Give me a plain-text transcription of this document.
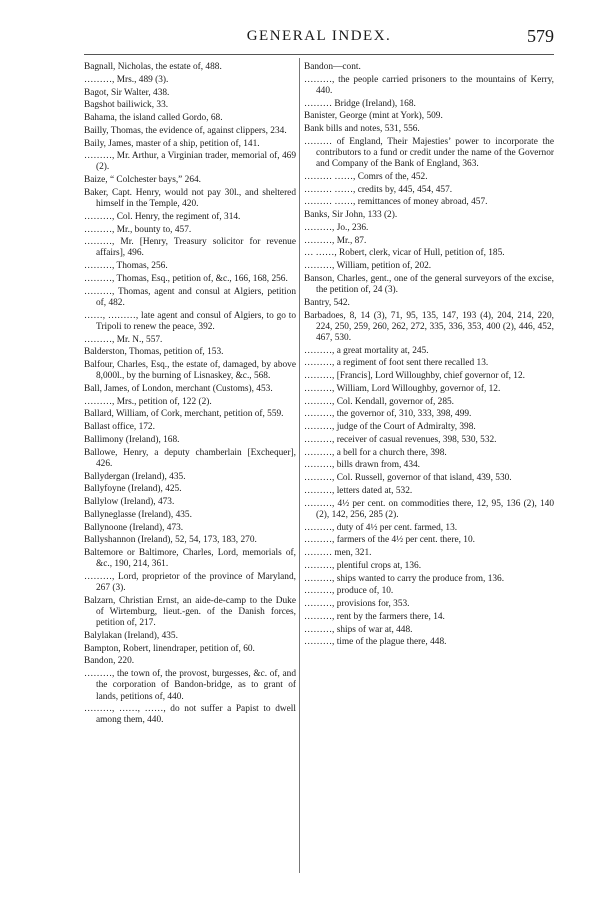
GENERAL INDEX.	579

Bagnall, Nicholas, the estate of, 488.

………, Mrs., 489 (3).

Bagot, Sir Walter, 438.

Bagshot bailiwick, 33.

Bahama, the island called Gordo, 68.

Bailly, Thomas, the evidence of, against clippers, 234.

Baily, James, master of a ship, petition of, 141.

………, Mr. Arthur, a Virginian trader, memorial of, 469 (2).

Baize, “ Colchester bays,” 264.

Baker, Capt. Henry, would not pay 30l., and sheltered himself in the Temple, 420.

………, Col. Henry, the regiment of, 314.

………, Mr., bounty to, 457.

………, Mr. [Henry, Treasury solicitor for revenue affairs], 496.

………, Thomas, 256.

………, Thomas, Esq., petition of, &c., 166, 168, 256.

………, Thomas, agent and consul at Algiers, petition of, 482.

……, ………, late agent and consul of Algiers, to go to Tripoli to renew the peace, 392.

………, Mr. N., 557.

Balderston, Thomas, petition of, 153.

Balfour, Charles, Esq., the estate of, damaged, by above 8,000l., by the burning of Lisnaskey, &c., 568.

Ball, James, of London, merchant (Customs), 453.

………, Mrs., petition of, 122 (2).

Ballard, William, of Cork, merchant, petition of, 559.

Ballast office, 172.

Ballimony (Ireland), 168.

Ballowe, Henry, a deputy chamberlain [Exchequer], 426.

Ballydergan (Ireland), 435.

Ballyfoyne (Ireland), 425.

Ballylow (Ireland), 473.

Ballyneglasse (Ireland), 435.

Ballynoone (Ireland), 473.

Ballyshannon (Ireland), 52, 54, 173, 183, 270.

Baltemore or Baltimore, Charles, Lord, memorials of, &c., 190, 214, 361.

………, Lord, proprietor of the province of Maryland, 267 (3).

Balzarn, Christian Ernst, an aide-de-camp to the Duke of Wirtemburg, lieut.-gen. of the Danish forces, petition of, 217.

Balylakan (Ireland), 435.

Bampton, Robert, linendraper, petition of, 60.

Bandon, 220.

………, the town of, the provost, burgesses, &c. of, and the corporation of Bandon-bridge, as to grant of lands, petitions of, 440.

………, ……, ……, do not suffer a Papist to dwell among them, 440.

Bandon—cont.

………, the people carried prisoners to the mountains of Kerry, 440.

……… Bridge (Ireland), 168.

Banister, George (mint at York), 509.

Bank bills and notes, 531, 556.

……… of England, Their Majesties’ power to incorporate the contributors to a fund or credit under the name of the Governor and Company of the Bank of England, 363.

……… ……, Comrs of the, 452.

……… ……, credits by, 445, 454, 457.

……… ……, remittances of money abroad, 457.

Banks, Sir John, 133 (2).

………, Jo., 236.

………, Mr., 87.

… ……, Robert, clerk, vicar of Hull, petition of, 185.

………, William, petition of, 202.

Banson, Charles, gent., one of the general surveyors of the excise, the petition of, 24 (3).

Bantry, 542.

Barbadoes, 8, 14 (3), 71, 95, 135, 147, 193 (4), 204, 214, 220, 224, 250, 259, 260, 262, 272, 335, 336, 353, 400 (2), 446, 452, 467, 530.

………, a great mortality at, 245.

………, a regiment of foot sent there recalled 13.

………, [Francis], Lord Willoughby, chief governor of, 12.

………, William, Lord Willoughby, governor of, 12.

………, Col. Kendall, governor of, 285.

………, the governor of, 310, 333, 398, 499.

………, judge of the Court of Admiralty, 398.

………, receiver of casual revenues, 398, 530, 532.

………, a bell for a church there, 398.

………, bills drawn from, 434.

………, Col. Russell, governor of that island, 439, 530.

………, letters dated at, 532.

………, 4½ per cent. on commodities there, 12, 95, 136 (2), 140 (2), 142, 256, 285 (2).

………, duty of 4½ per cent. farmed, 13.

………, farmers of the 4½ per cent. there, 10.

……… men, 321.

………, plentiful crops at, 136.

………, ships wanted to carry the produce from, 136.

………, produce of, 10.

………, provisions for, 353.

………, rent by the farmers there, 14.

………, ships of war at, 448.

………, time of the plague there, 448.
